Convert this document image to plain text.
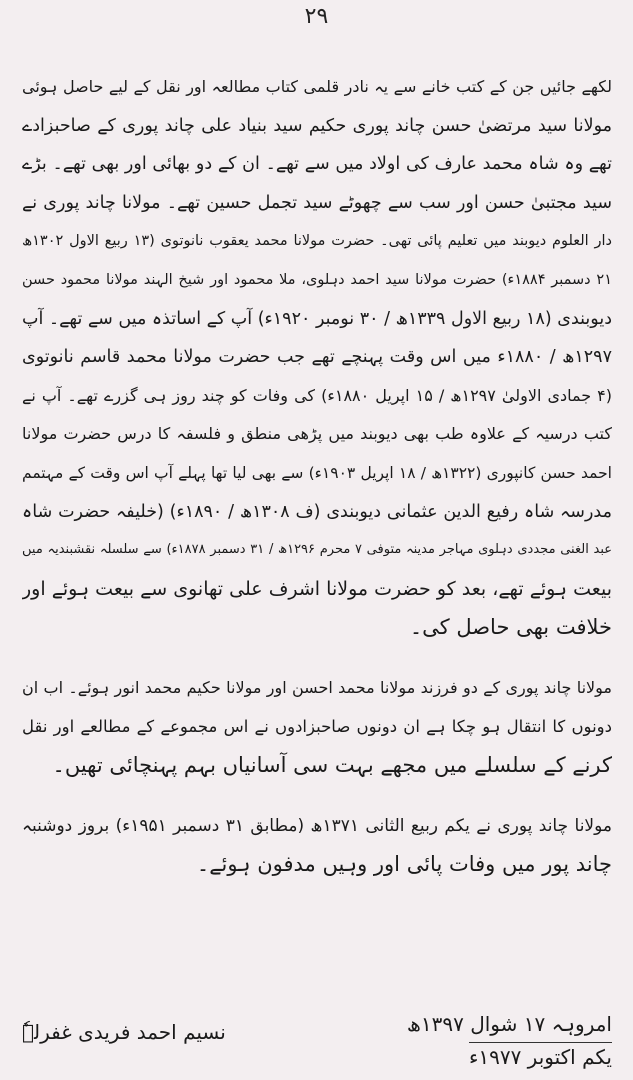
۲۹
لکھے جائیں جن کے کتب خانے سے یہ نادر قلمی کتاب مطالعہ اور نقل کے لیے حاصل ہوئی
مولانا سید مرتضیٰ حسن چاند پوری حکیم سید بنیاد علی چاند پوری کے صاحبزادے
تھے وہ شاہ محمد عارف کی اولاد میں سے تھے۔ ان کے دو بھائی اور بھی تھے۔ بڑے
سید مجتبیٰ حسن اور سب سے چھوٹے سید تجمل حسین تھے۔ مولانا چاند پوری نے
دار العلوم دیوبند میں تعلیم پائی تھی۔ حضرت مولانا محمد یعقوب نانوتوی (۱۳ ربیع الاول ۱۳۰۲ھ
۲۱ دسمبر ۱۸۸۴ء) حضرت مولانا سید احمد دہلوی، ملا محمود اور شیخ الہند مولانا محمود حسن
دیوبندی (۱۸ ربیع الاول ۱۳۳۹ھ / ۳۰ نومبر ۱۹۲۰ء) آپ کے اساتذہ میں سے تھے۔ آپ
۱۲۹۷ھ / ۱۸۸۰ء میں اس وقت پہنچے تھے جب حضرت مولانا محمد قاسم نانوتوی
(۴ جمادی الاولیٰ ۱۲۹۷ھ / ۱۵ اپریل ۱۸۸۰ء) کی وفات کو چند روز ہی گزرے تھے۔ آپ نے
کتب درسیہ کے علاوہ طب بھی دیوبند میں پڑھی منطق و فلسفہ کا درس حضرت مولانا
احمد حسن کانپوری (۱۳۲۲ھ / ۱۸ اپریل ۱۹۰۳ء) سے بھی لیا تھا پہلے آپ اس وقت کے مہتمم
مدرسہ شاہ رفیع الدین عثمانی دیوبندی (ف ۱۳۰۸ھ / ۱۸۹۰ء) (خلیفہ حضرت شاہ
عبد الغنی مجددی دہلوی مہاجر مدینہ متوفی ۷ محرم ۱۲۹۶ھ / ۳۱ دسمبر ۱۸۷۸ء) سے سلسلہ نقشبندیہ میں
بیعت ہوئے تھے، بعد کو حضرت مولانا اشرف علی تھانوی سے بیعت ہوئے اور
خلافت بھی حاصل کی۔
مولانا چاند پوری کے دو فرزند مولانا محمد احسن اور مولانا حکیم محمد انور ہوئے۔ اب ان
دونوں کا انتقال ہو چکا ہے ان دونوں صاحبزادوں نے اس مجموعے کے مطالعے اور نقل
کرنے کے سلسلے میں مجھے بہت سی آسانیاں بہم پہنچائی تھیں۔
مولانا چاند پوری نے یکم ربیع الثانی ۱۳۷۱ھ (مطابق ۳۱ دسمبر ۱۹۵۱ء) بروز دوشنبہ
چاند پور میں وفات پائی اور وہیں مدفون ہوئے۔
امروہہ ۱۷ شوال ۱۳۹۷ھ
یکم اکتوبر ۱۹۷۷ء
نسیم احمد فریدی غفرلہٗ
